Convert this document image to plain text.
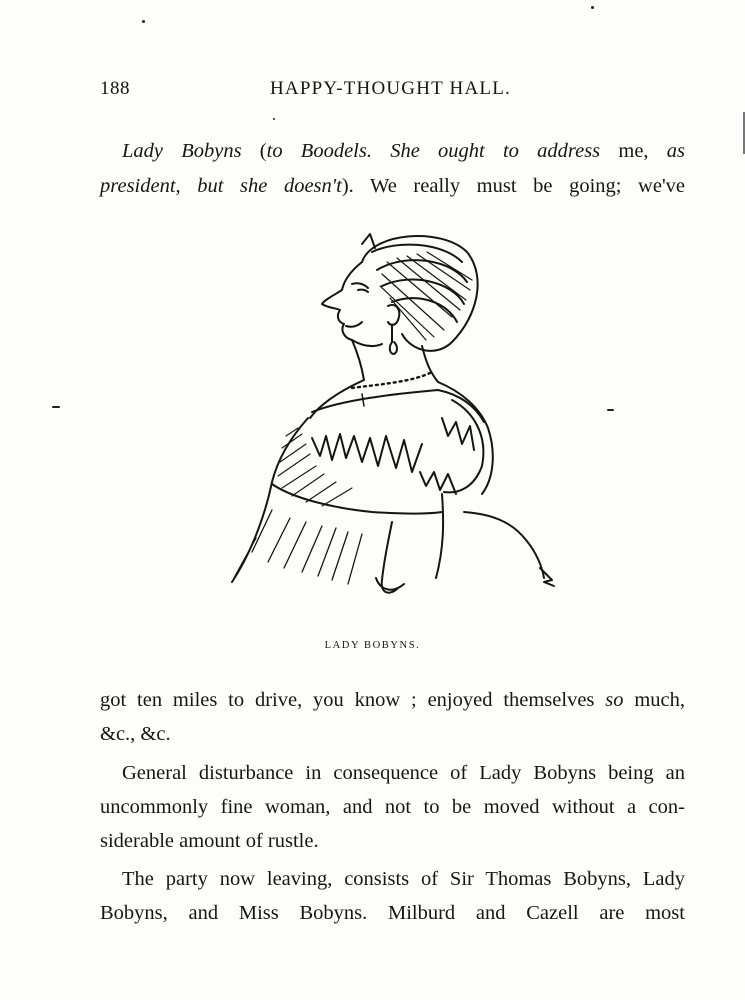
188	HAPPY-THOUGHT HALL.
Lady Bobyns (to Boodels. She ought to address me, as
president, but she doesn't). We really must be going; we've
LADY BOBYNS.
got ten miles to drive, you know ; enjoyed themselves so much,
&c., &c.
General disturbance in consequence of Lady Bobyns being an
uncommonly fine woman, and not to be moved without a con-
siderable amount of rustle.
The party now leaving, consists of Sir Thomas Bobyns, Lady
Bobyns, and Miss Bobyns. Milburd and Cazell are most
